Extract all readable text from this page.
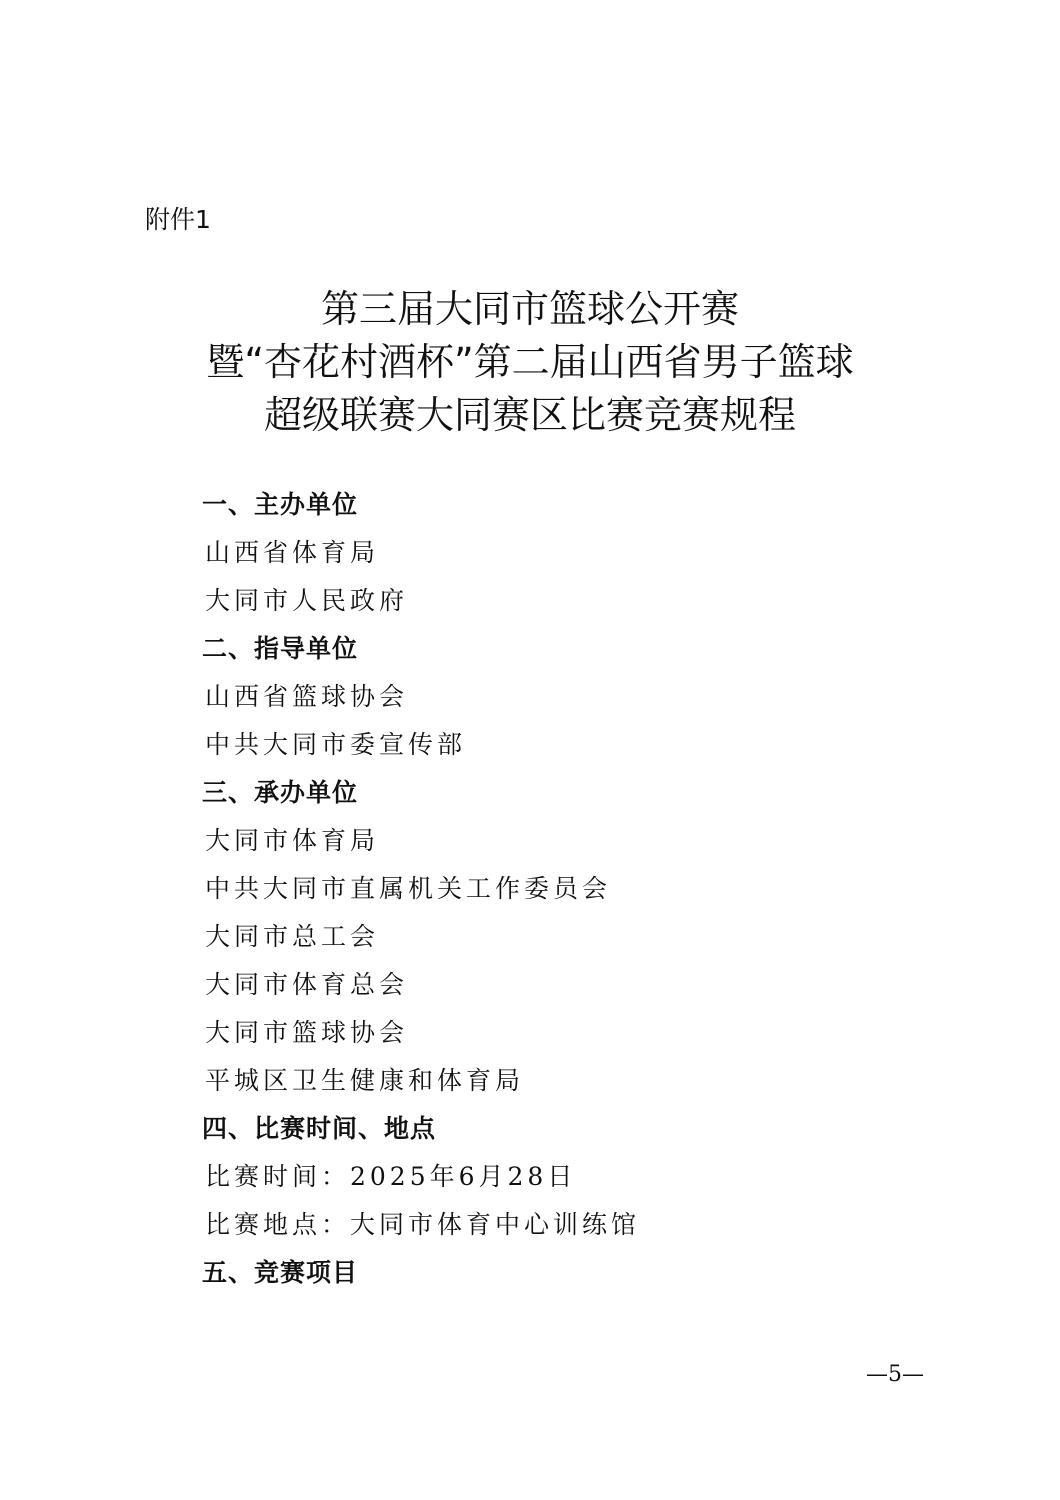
附件1
第三届大同市篮球公开赛
暨“杏花村酒杯”第二届山西省男子篮球
超级联赛大同赛区比赛竞赛规程
一、主办单位
山西省体育局
大同市人民政府
二、指导单位
山西省篮球协会
中共大同市委宣传部
三、承办单位
大同市体育局
中共大同市直属机关工作委员会
大同市总工会
大同市体育总会
大同市篮球协会
平城区卫生健康和体育局
四、比赛时间、地点
比赛时间：2025年6月28日
比赛地点：大同市体育中心训练馆
五、竞赛项目
—5—
